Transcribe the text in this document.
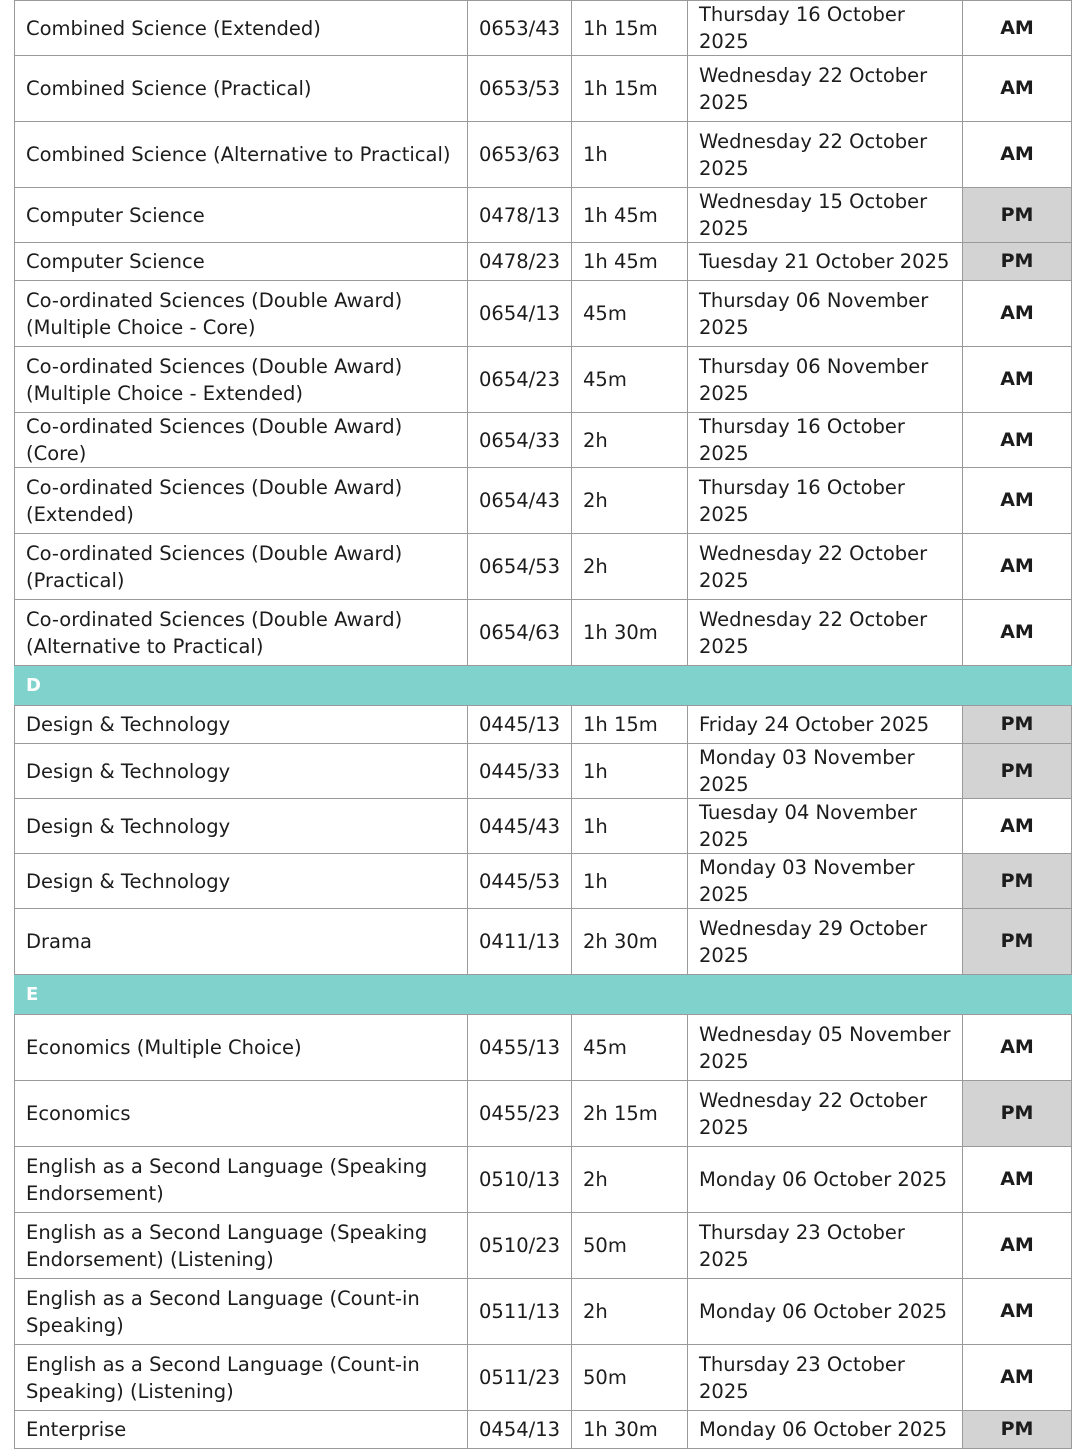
Combined Science (Extended)	0653/43	1h 15m	Thursday 16 October 2025	AM
Combined Science (Practical)	0653/53	1h 15m	Wednesday 22 October 2025	AM
Combined Science (Alternative to Practical)	0653/63	1h	Wednesday 22 October 2025	AM
Computer Science	0478/13	1h 45m	Wednesday 15 October 2025	PM
Computer Science	0478/23	1h 45m	Tuesday 21 October 2025	PM
Co-ordinated Sciences (Double Award) (Multiple Choice - Core)	0654/13	45m	Thursday 06 November 2025	AM
Co-ordinated Sciences (Double Award) (Multiple Choice - Extended)	0654/23	45m	Thursday 06 November 2025	AM
Co-ordinated Sciences (Double Award) (Core)	0654/33	2h	Thursday 16 October 2025	AM
Co-ordinated Sciences (Double Award) (Extended)	0654/43	2h	Thursday 16 October 2025	AM
Co-ordinated Sciences (Double Award) (Practical)	0654/53	2h	Wednesday 22 October 2025	AM
Co-ordinated Sciences (Double Award) (Alternative to Practical)	0654/63	1h 30m	Wednesday 22 October 2025	AM
D				
Design & Technology	0445/13	1h 15m	Friday 24 October 2025	PM
Design & Technology	0445/33	1h	Monday 03 November 2025	PM
Design & Technology	0445/43	1h	Tuesday 04 November 2025	AM
Design & Technology	0445/53	1h	Monday 03 November 2025	PM
Drama	0411/13	2h 30m	Wednesday 29 October 2025	PM
E				
Economics (Multiple Choice)	0455/13	45m	Wednesday 05 November 2025	AM
Economics	0455/23	2h 15m	Wednesday 22 October 2025	PM
English as a Second Language (Speaking Endorsement)	0510/13	2h	Monday 06 October 2025	AM
English as a Second Language (Speaking Endorsement) (Listening)	0510/23	50m	Thursday 23 October 2025	AM
English as a Second Language (Count-in Speaking)	0511/13	2h	Monday 06 October 2025	AM
English as a Second Language (Count-in Speaking) (Listening)	0511/23	50m	Thursday 23 October 2025	AM
Enterprise	0454/13	1h 30m	Monday 06 October 2025	PM
